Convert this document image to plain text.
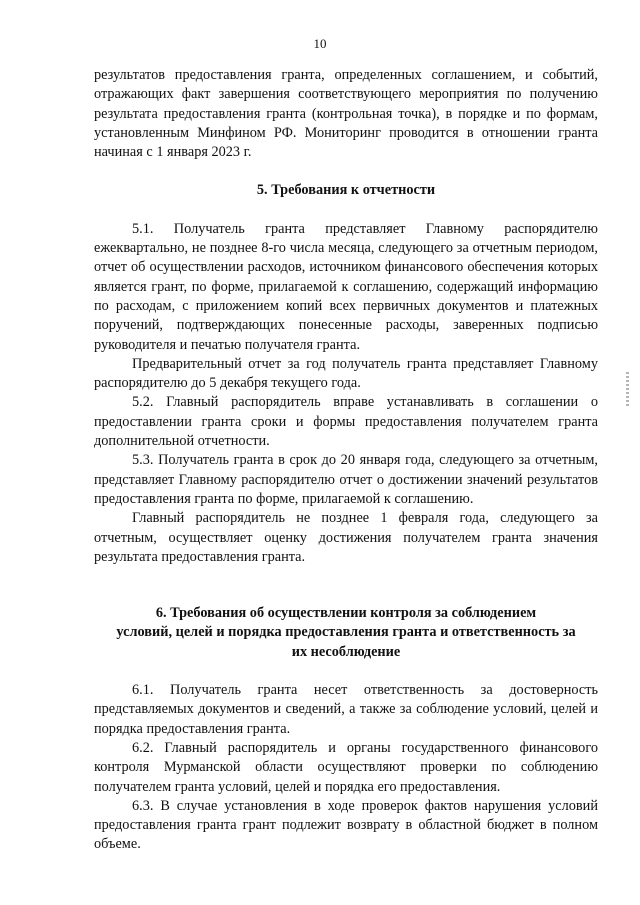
10

результатов предоставления гранта, определенных соглашением, и событий, отражающих факт завершения соответствующего мероприятия по получению результата предоставления гранта (контрольная точка), в порядке и по формам, установленным Минфином РФ. Мониторинг проводится в отношении гранта начиная с 1 января 2023 г.

5. Требования к отчетности

5.1. Получатель гранта представляет Главному распорядителю ежеквартально, не позднее 8-го числа месяца, следующего за отчетным периодом, отчет об осуществлении расходов, источником финансового обеспечения которых является грант, по форме, прилагаемой к соглашению, содержащий информацию по расходам, с приложением копий всех первичных документов и платежных поручений, подтверждающих понесенные расходы, заверенных подписью руководителя и печатью получателя гранта.

Предварительный отчет за год получатель гранта представляет Главному распорядителю до 5 декабря текущего года.

5.2. Главный распорядитель вправе устанавливать в соглашении о предоставлении гранта сроки и формы предоставления получателем гранта дополнительной отчетности.

5.3. Получатель гранта в срок до 20 января года, следующего за отчетным, представляет Главному распорядителю отчет о достижении значений результатов предоставления гранта по форме, прилагаемой к соглашению.

Главный распорядитель не позднее 1 февраля года, следующего за отчетным, осуществляет оценку достижения получателем гранта значения результата предоставления гранта.

6. Требования об осуществлении контроля за соблюдением
условий, целей и порядка предоставления гранта и ответственность за
их несоблюдение

6.1. Получатель гранта несет ответственность за достоверность представляемых документов и сведений, а также за соблюдение условий, целей и порядка предоставления гранта.

6.2. Главный распорядитель и органы государственного финансового контроля Мурманской области осуществляют проверки по соблюдению получателем гранта условий, целей и порядка его предоставления.

6.3. В случае установления в ходе проверок фактов нарушения условий предоставления гранта грант подлежит возврату в областной бюджет в полном объеме.
